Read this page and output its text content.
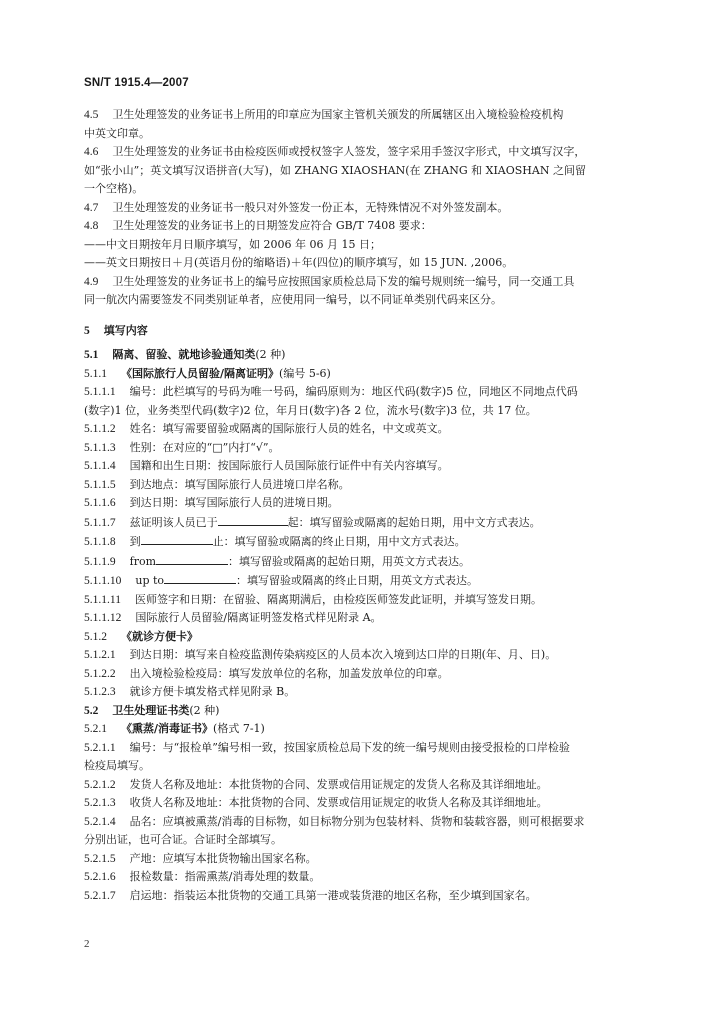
SN/T 1915.4—2007
4.5 卫生处理签发的业务证书上所用的印章应为国家主管机关颁发的所属辖区出入境检验检疫机构
中英文印章。
4.6 卫生处理签发的业务证书由检疫医师或授权签字人签发，签字采用手签汉字形式，中文填写汉字，
如“张小山”；英文填写汉语拼音(大写)，如 ZHANG XIAOSHAN(在 ZHANG 和 XIAOSHAN 之间留
一个空格)。
4.7 卫生处理签发的业务证书一般只对外签发一份正本，无特殊情况不对外签发副本。
4.8 卫生处理签发的业务证书上的日期签发应符合 GB/T 7408 要求：
——中文日期按年月日顺序填写，如 2006 年 06 月 15 日；
——英文日期按日＋月(英语月份的缩略语)＋年(四位)的顺序填写，如 15 JUN. ,2006。
4.9 卫生处理签发的业务证书上的编号应按照国家质检总局下发的编号规则统一编号，同一交通工具
同一航次内需要签发不同类别证单者，应使用同一编号，以不同证单类别代码来区分。
5 填写内容
5.1 隔离、留验、就地诊验通知类(2 种)
5.1.1 《国际旅行人员留验/隔离证明》(编号 5-6)
5.1.1.1 编号：此栏填写的号码为唯一号码，编码原则为：地区代码(数字)5 位，同地区不同地点代码
(数字)1 位，业务类型代码(数字)2 位，年月日(数字)各 2 位，流水号(数字)3 位，共 17 位。
5.1.1.2 姓名：填写需要留验或隔离的国际旅行人员的姓名，中文或英文。
5.1.1.3 性别：在对应的“□”内打“√”。
5.1.1.4 国籍和出生日期：按国际旅行人员国际旅行证件中有关内容填写。
5.1.1.5 到达地点：填写国际旅行人员进境口岸名称。
5.1.1.6 到达日期：填写国际旅行人员的进境日期。
5.1.1.7 兹证明该人员已于	起：填写留验或隔离的起始日期，用中文方式表达。
5.1.1.8 到	止：填写留验或隔离的终止日期，用中文方式表达。
5.1.1.9 from	：填写留验或隔离的起始日期，用英文方式表达。
5.1.1.10 up to	：填写留验或隔离的终止日期，用英文方式表达。
5.1.1.11 医师签字和日期：在留验、隔离期满后，由检疫医师签发此证明，并填写签发日期。
5.1.1.12 国际旅行人员留验/隔离证明签发格式样见附录 A。
5.1.2 《就诊方便卡》
5.1.2.1 到达日期：填写来自检疫监测传染病疫区的人员本次入境到达口岸的日期(年、月、日)。
5.1.2.2 出入境检验检疫局：填写发放单位的名称，加盖发放单位的印章。
5.1.2.3 就诊方便卡填发格式样见附录 B。
5.2 卫生处理证书类(2 种)
5.2.1 《熏蒸/消毒证书》(格式 7-1)
5.2.1.1 编号：与“报检单”编号相一致，按国家质检总局下发的统一编号规则由接受报检的口岸检验
检疫局填写。
5.2.1.2 发货人名称及地址：本批货物的合同、发票或信用证规定的发货人名称及其详细地址。
5.2.1.3 收货人名称及地址：本批货物的合同、发票或信用证规定的收货人名称及其详细地址。
5.2.1.4 品名：应填被熏蒸/消毒的目标物，如目标物分别为包装材料、货物和装载容器，则可根据要求
分别出证，也可合证。合证时全部填写。
5.2.1.5 产地：应填写本批货物输出国家名称。
5.2.1.6 报检数量：指需熏蒸/消毒处理的数量。
5.2.1.7 启运地：指装运本批货物的交通工具第一港或装货港的地区名称，至少填到国家名。
2
